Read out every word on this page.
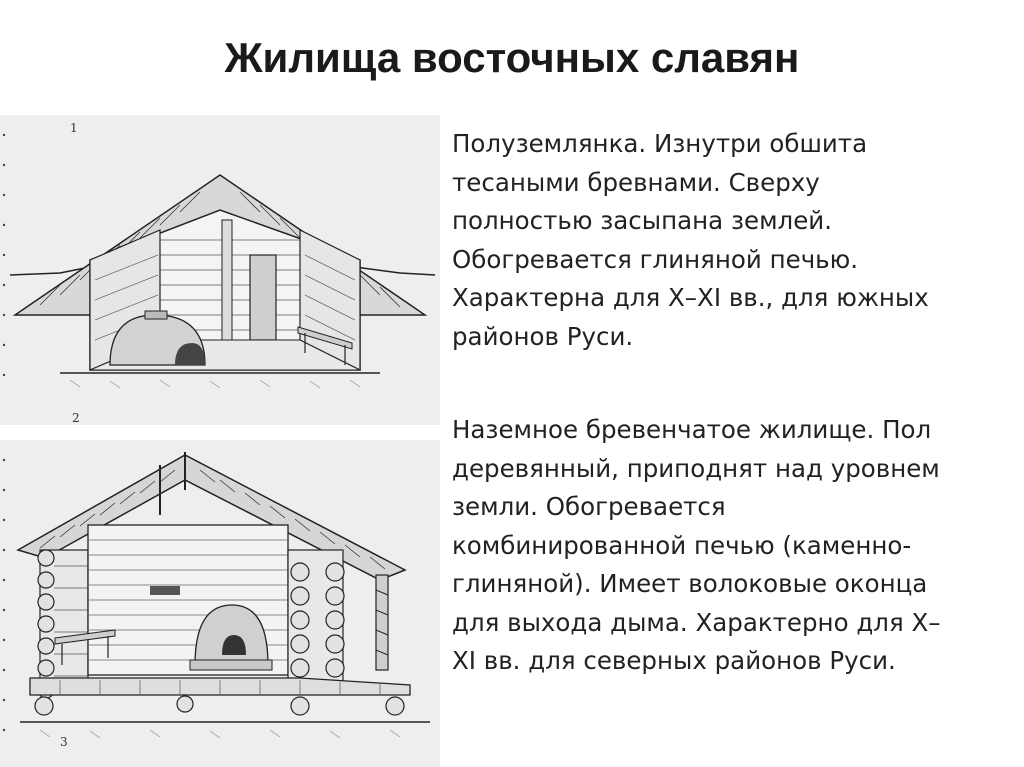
Жилища восточных славян
1
2
3
Полуземлянка. Изнутри обшита
тесаными бревнами. Сверху
полностью засыпана землей.
Обогревается глиняной печью.
Характерна для X–XI вв., для южных
районов Руси.
Наземное бревенчатое жилище. Пол
деревянный, приподнят над уровнем
земли. Обогревается
комбинированной печью (каменно-
глиняной). Имеет волоковые оконца
для выхода дыма. Характерно для X–
XI вв. для северных районов Руси.
